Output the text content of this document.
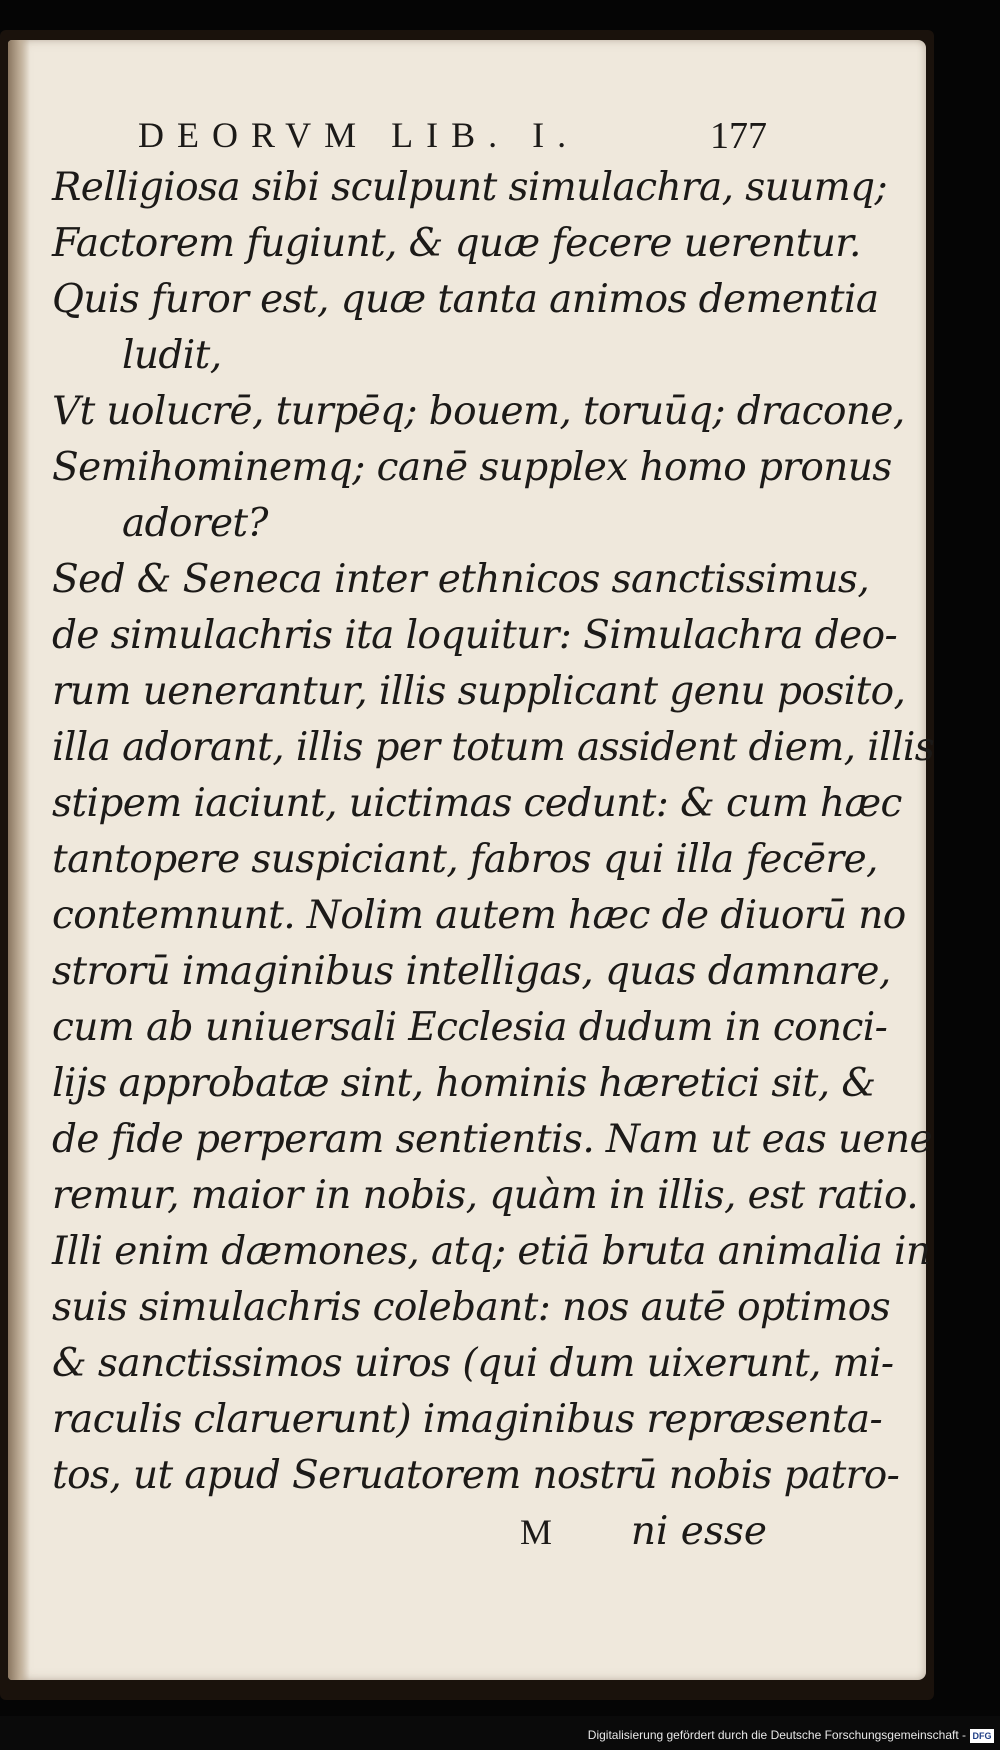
DEORVM LIB. I.	177
Relligiosa sibi sculpunt simulachra, suumq;
Factorem fugiunt, & quæ fecere uerentur.
Quis furor est, quæ tanta animos dementia
ludit,
Vt uolucrē, turpēq; bouem, toruūq; dracone,
Semihominemq; canē supplex homo pronus
adoret?
Sed & Seneca inter ethnicos sanctissimus,
de simulachris ita loquitur: Simulachra deo-
rum uenerantur, illis supplicant genu posito,
illa adorant, illis per totum assident diem, illis
stipem iaciunt, uictimas cedunt: & cum hæc
tantopere suspiciant, fabros qui illa fecēre,
contemnunt. Nolim autem hæc de diuorū no
strorū imaginibus intelligas, quas damnare,
cum ab uniuersali Ecclesia dudum in conci-
lijs approbatæ sint, hominis hæretici sit, &
de fide perperam sentientis. Nam ut eas uene
remur, maior in nobis, quàm in illis, est ratio.
Illi enim dæmones, atq; etiā bruta animalia in
suis simulachris colebant: nos autē optimos
& sanctissimos uiros (qui dum uixerunt, mi-
raculis claruerunt) imaginibus repræsenta-
tos, ut apud Seruatorem nostrū nobis patro-
M ni esse
Digitalisierung gefördert durch die Deutsche Forschungsgemeinschaft - DFG
